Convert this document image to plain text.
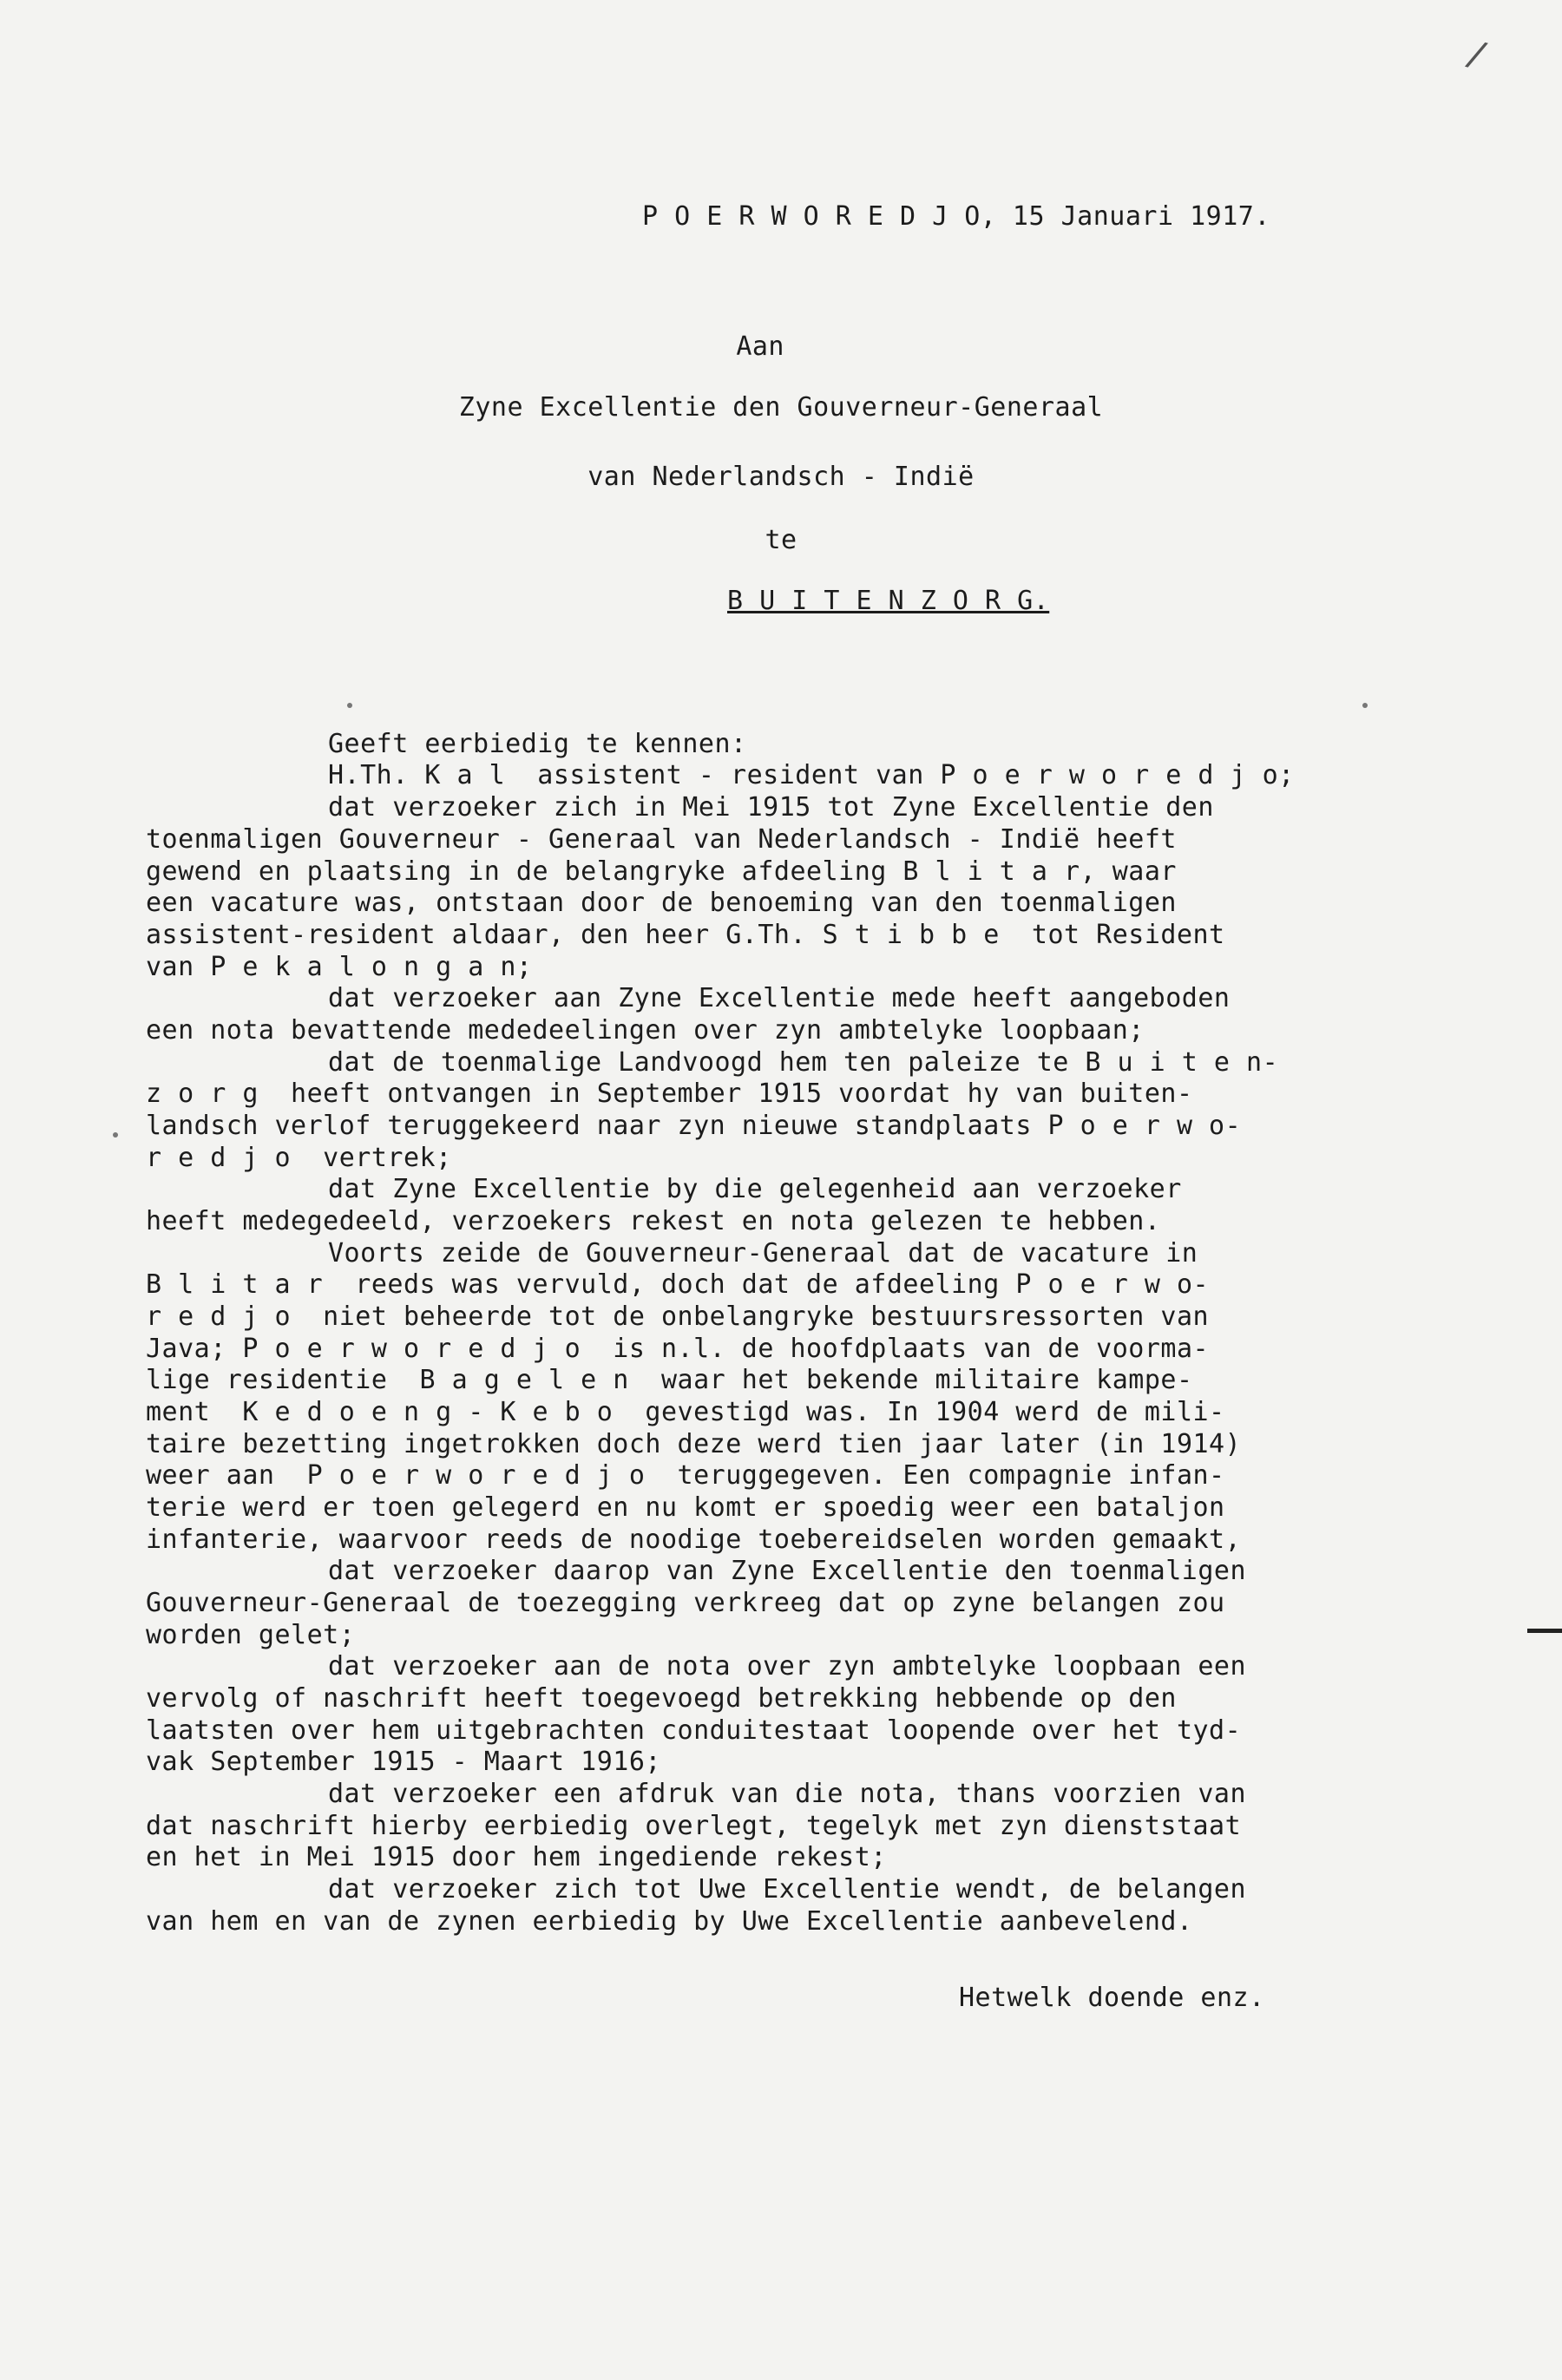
/
P O E R W O R E D J O, 15 Januari 1917.
Aan
Zyne Excellentie den Gouverneur-Generaal
van Nederlandsch - Indië
te
B U I T E N Z O R G.
Geeft eerbiedig te kennen:
H.Th. K a l  assistent - resident van P o e r w o r e d j o;
dat verzoeker zich in Mei 1915 tot Zyne Excellentie den
toenmaligen Gouverneur - Generaal van Nederlandsch - Indië heeft
gewend en plaatsing in de belangryke afdeeling B l i t a r, waar
een vacature was, ontstaan door de benoeming van den toenmaligen
assistent-resident aldaar, den heer G.Th. S t i b b e  tot Resident
van P e k a l o n g a n;
dat verzoeker aan Zyne Excellentie mede heeft aangeboden
een nota bevattende mededeelingen over zyn ambtelyke loopbaan;
dat de toenmalige Landvoogd hem ten paleize te B u i t e n-
z o r g  heeft ontvangen in September 1915 voordat hy van buiten-
landsch verlof teruggekeerd naar zyn nieuwe standplaats P o e r w o-
r e d j o  vertrek;
dat Zyne Excellentie by die gelegenheid aan verzoeker
heeft medegedeeld, verzoekers rekest en nota gelezen te hebben.
Voorts zeide de Gouverneur-Generaal dat de vacature in
B l i t a r  reeds was vervuld, doch dat de afdeeling P o e r w o-
r e d j o  niet beheerde tot de onbelangryke bestuursressorten van
Java; P o e r w o r e d j o  is n.l. de hoofdplaats van de voorma-
lige residentie  B a g e l e n  waar het bekende militaire kampe-
ment  K e d o e n g - K e b o  gevestigd was. In 1904 werd de mili-
taire bezetting ingetrokken doch deze werd tien jaar later (in 1914)
weer aan  P o e r w o r e d j o  teruggegeven. Een compagnie infan-
terie werd er toen gelegerd en nu komt er spoedig weer een bataljon
infanterie, waarvoor reeds de noodige toebereidselen worden gemaakt,
dat verzoeker daarop van Zyne Excellentie den toenmaligen
Gouverneur-Generaal de toezegging verkreeg dat op zyne belangen zou
worden gelet;
dat verzoeker aan de nota over zyn ambtelyke loopbaan een
vervolg of naschrift heeft toegevoegd betrekking hebbende op den
laatsten over hem uitgebrachten conduitestaat loopende over het tyd-
vak September 1915 - Maart 1916;
dat verzoeker een afdruk van die nota, thans voorzien van
dat naschrift hierby eerbiedig overlegt, tegelyk met zyn dienststaat
en het in Mei 1915 door hem ingediende rekest;
dat verzoeker zich tot Uwe Excellentie wendt, de belangen
van hem en van de zynen eerbiedig by Uwe Excellentie aanbevelend.
Hetwelk doende enz.
